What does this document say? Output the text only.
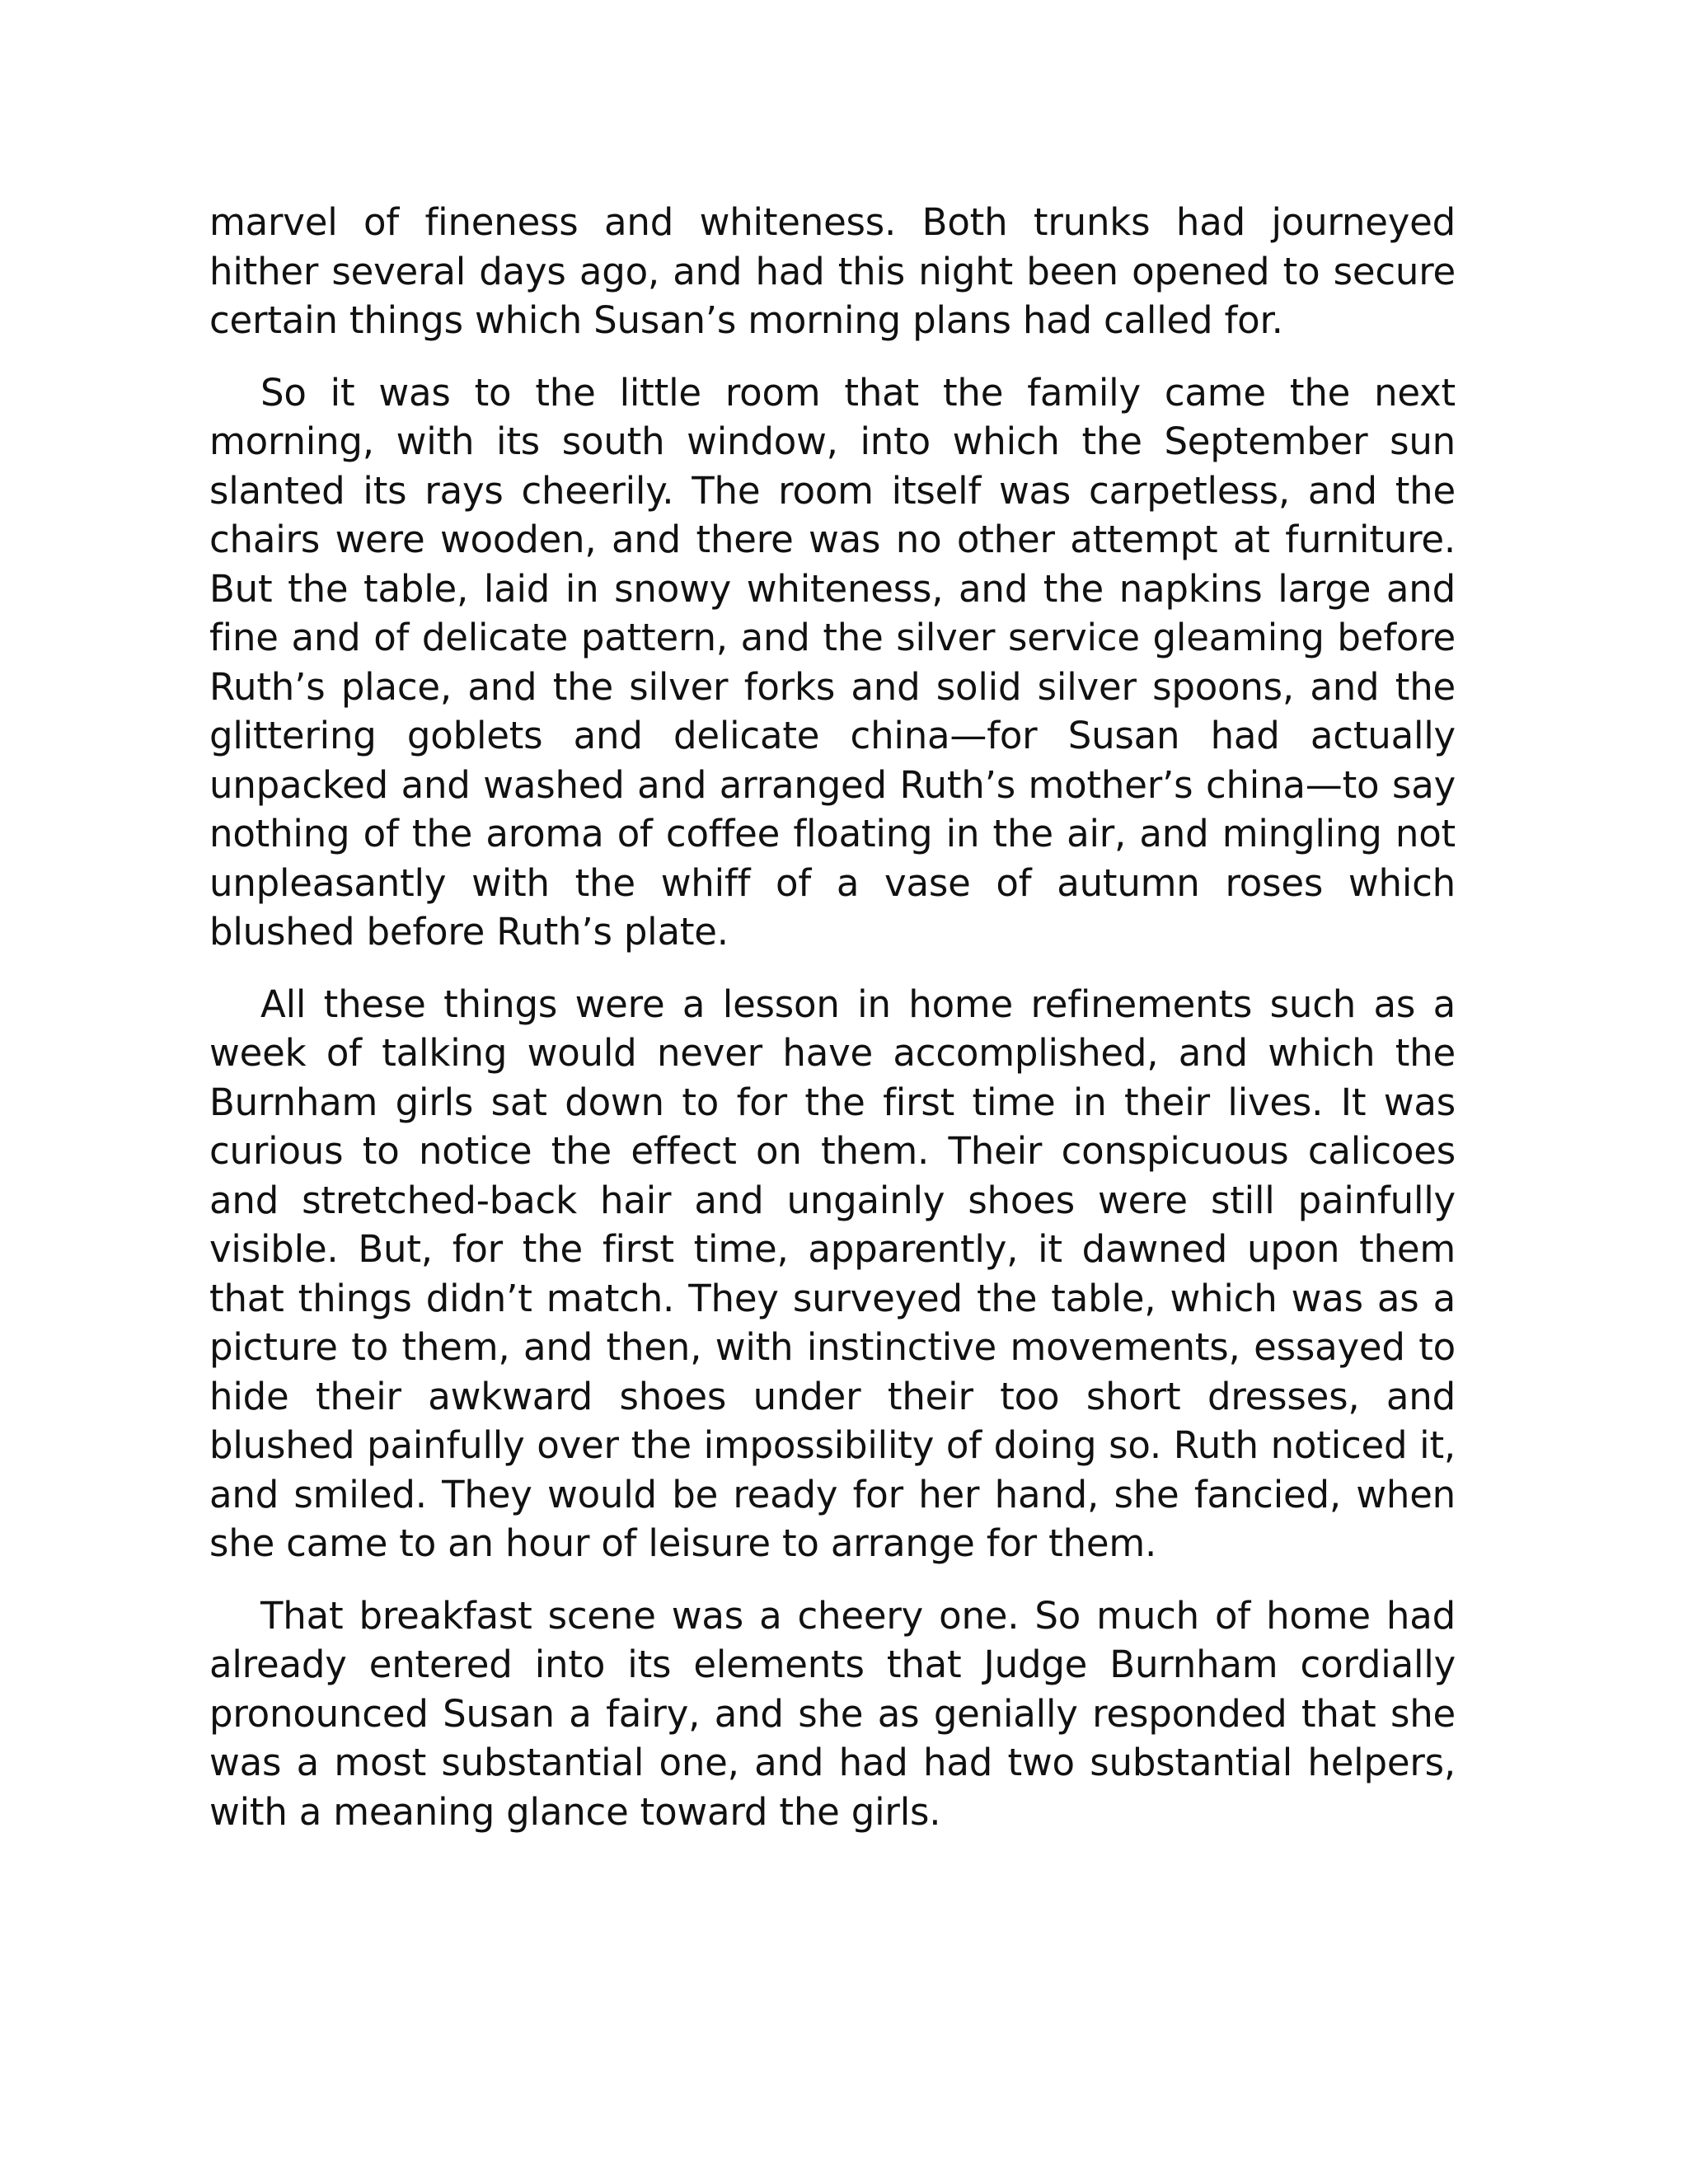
marvel of fineness and whiteness. Both trunks had journeyed hither several days ago, and had this night been opened to secure certain things which Susan’s morning plans had called for.

So it was to the little room that the family came the next morning, with its south window, into which the September sun slanted its rays cheerily. The room itself was carpetless, and the chairs were wooden, and there was no other attempt at furniture. But the table, laid in snowy whiteness, and the napkins large and fine and of delicate pattern, and the silver service gleaming before Ruth’s place, and the silver forks and solid silver spoons, and the glittering goblets and delicate china—for Susan had actually unpacked and washed and arranged Ruth’s mother’s china—to say nothing of the aroma of coffee floating in the air, and mingling not unpleasantly with the whiff of a vase of autumn roses which blushed before Ruth’s plate.

All these things were a lesson in home refinements such as a week of talking would never have accomplished, and which the Burnham girls sat down to for the first time in their lives. It was curious to notice the effect on them. Their conspicuous calicoes and stretched-back hair and ungainly shoes were still painfully visible. But, for the first time, apparently, it dawned upon them that things didn’t match. They surveyed the table, which was as a picture to them, and then, with instinctive movements, essayed to hide their awkward shoes under their too short dresses, and blushed painfully over the impossibility of doing so. Ruth noticed it, and smiled. They would be ready for her hand, she fancied, when she came to an hour of leisure to arrange for them.

That breakfast scene was a cheery one. So much of home had already entered into its elements that Judge Burnham cordially pronounced Susan a fairy, and she as genially responded that she was a most substantial one, and had had two substantial helpers, with a meaning glance toward the girls.
